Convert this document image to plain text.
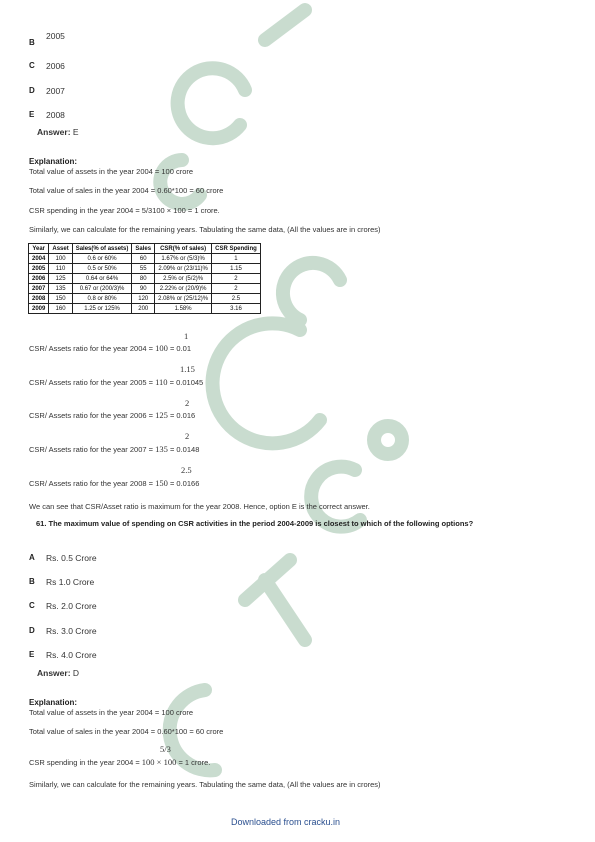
2005
B
C 2006
D 2007
E 2008
Answer: E
Explanation:
Total value of assets in the year 2004 = 100 crore
Total value of sales in the year 2004 = 0.60*100 = 60 crore
CSR spending in the year 2004 = 5/3100 × 100 = 1 crore.
Similarly, we can calculate for the remaining years. Tabulating the same data, (All the values are in crores)
Year	Asset	Sales(% of assets)	Sales	CSR(% of sales)	CSR Spending
2004	100	0.6 or 60%	60	1.67% or (5/3)%	1
2005	110	0.5 or 50%	55	2.09% or (23/11)%	1.15
2006	125	0.64 or 64%	80	2.5% or (5/2)%	2
2007	135	0.67 or (200/3)%	90	2.22% or (20/9)%	2
2008	150	0.8 or 80%	120	2.08% or (25/12)%	2.5
2009	160	1.25 or 125%	200	1.58%	3.16
1
CSR/ Assets ratio for the year 2004 = 100 = 0.01
1.15
CSR/ Assets ratio for the year 2005 = 110 = 0.01045
2
CSR/ Assets ratio for the year 2006 = 125 = 0.016
2
CSR/ Assets ratio for the year 2007 = 135 = 0.0148
2.5
CSR/ Assets ratio for the year 2008 = 150 = 0.0166
We can see that CSR/Asset ratio is maximum for the year 2008. Hence, option E is the correct answer.
61. The maximum value of spending on CSR activities in the period 2004-2009 is closest to which of the following options?
A Rs. 0.5 Crore
B Rs 1.0 Crore
C Rs. 2.0 Crore
D Rs. 3.0 Crore
E Rs. 4.0 Crore
Answer: D
Explanation:
Total value of assets in the year 2004 = 100 crore
Total value of sales in the year 2004 = 0.60*100 = 60 crore
5/3
CSR spending in the year 2004 = 100 × 100 = 1 crore.
Similarly, we can calculate for the remaining years. Tabulating the same data, (All the values are in crores)
Downloaded from cracku.in
